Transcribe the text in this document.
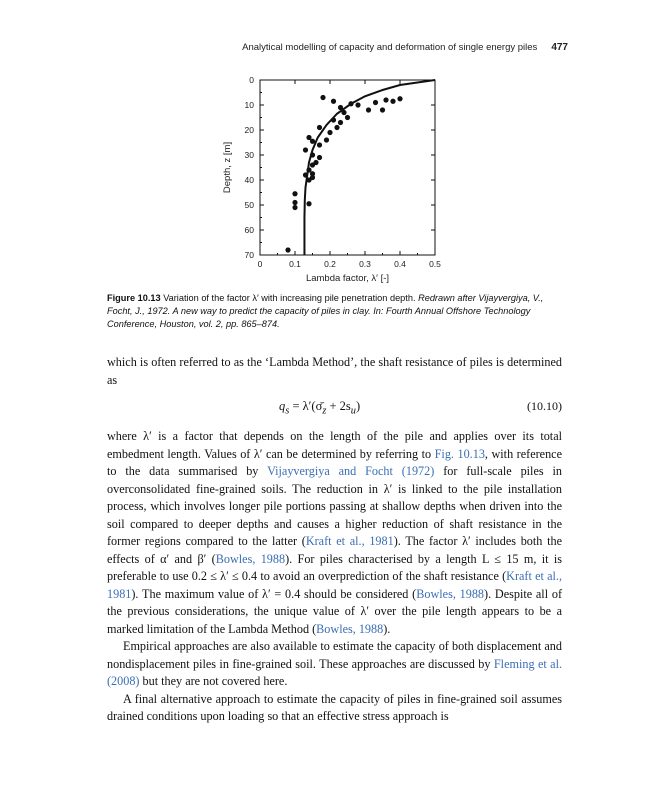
Analytical modelling of capacity and deformation of single energy piles 477
0	0.1	0.2	0.3	0.4	0.5
0
10
20
30
40
50
60
70
Depth, z [m]
Lambda factor, λ′ [-]
Figure 10.13 Variation of the factor λ′ with increasing pile penetration depth. Redrawn after Vijayvergiya, V., Focht, J., 1972. A new way to predict the capacity of piles in clay. In: Fourth Annual Offshore Technology Conference, Houston, vol. 2, pp. 865–874.

which is often referred to as the ‘Lambda Method’, the shaft resistance of piles is determined as

$q_s$ = $\lambda'(\sigmā_z + 2s_u)$	(10.10)

where λ′ is a factor that depends on the length of the pile and applies over its total embedment length. Values of λ′ can be determined by referring to Fig. 10.13, with reference to the data summarised by Vijayvergiya and Focht (1972) for full-scale piles in overconsolidated fine-grained soils. The reduction in λ′ is linked to the pile installation process, which involves longer pile portions passing at shallow depths when driven into the soil compared to deeper depths and causes a higher reduction of shaft resistance in the former regions compared to the latter (Kraft et al., 1981). The factor λ′ includes both the effects of α′ and β′ (Bowles, 1988). For piles characterised by a length L ≤ 15 m, it is preferable to use 0.2 ≤ λ′ ≤ 0.4 to avoid an overprediction of the shaft resistance (Kraft et al., 1981). The maximum value of λ′ = 0.4 should be considered (Bowles, 1988). Despite all of the previous considerations, the unique value of λ′ over the pile length appears to be a marked limitation of the Lambda Method (Bowles, 1988).

Empirical approaches are also available to estimate the capacity of both displacement and nondisplacement piles in fine-grained soil. These approaches are discussed by Fleming et al. (2008) but they are not covered here.

A final alternative approach to estimate the capacity of piles in fine-grained soil assumes drained conditions upon loading so that an effective stress approach is
